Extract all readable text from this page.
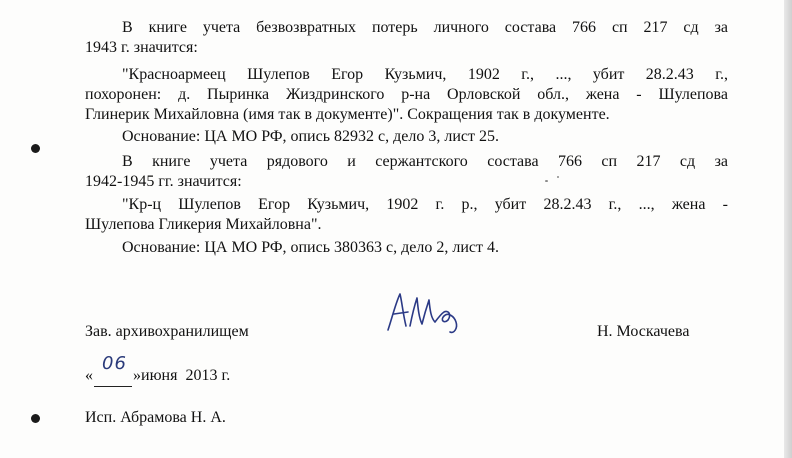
В книге учета безвозвратных потерь личного состава 766 сп 217 сд за
1943 г. значится:
"Красноармеец Шулепов Егор Кузьмич, 1902 г., ..., убит 28.2.43 г.,
похоронен: д. Пыринка Жиздринского р-на Орловской обл., жена - Шулепова
Глинерик Михайловна (имя так в документе)". Сокращения так в документе.
Основание: ЦА МО РФ, опись 82932 с, дело 3, лист 25.
В книге учета рядового и сержантского состава 766 сп 217 сд за
1942-1945 гг. значится:
"Кр-ц Шулепов Егор Кузьмич, 1902 г. р., убит 28.2.43 г., ..., жена -
Шулепова Гликерия Михайловна".
Основание: ЦА МО РФ, опись 380363 с, дело 2, лист 4.
Зав. архивохранилищем	Н. Москачева
«
06
»июня 2013 г.
Исп. Абрамова Н. А.
